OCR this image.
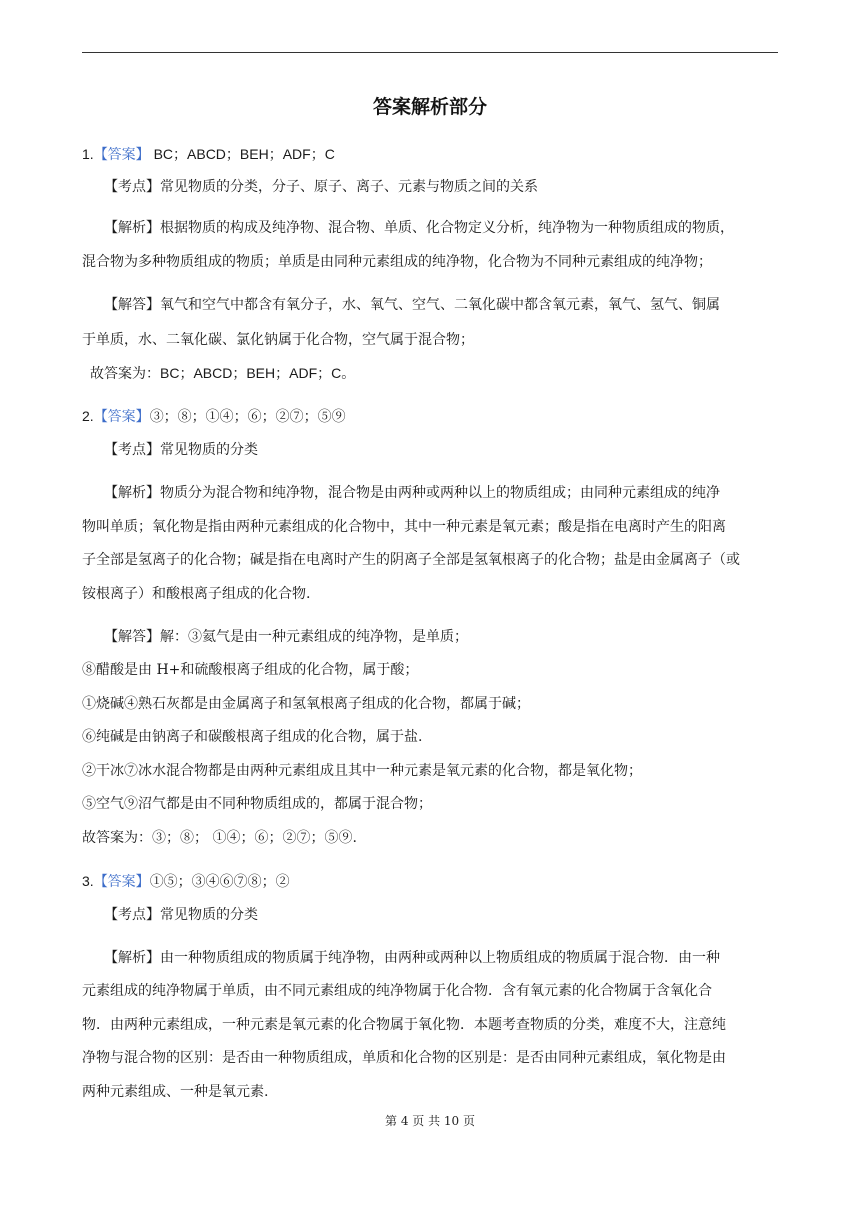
答案解析部分
1.【答案】 BC；ABCD；BEH；ADF；C
【考点】常见物质的分类，分子、原子、离子、元素与物质之间的关系
【解析】根据物质的构成及纯净物、混合物、单质、化合物定义分析，纯净物为一种物质组成的物质，
混合物为多种物质组成的物质；单质是由同种元素组成的纯净物，化合物为不同种元素组成的纯净物；
【解答】氧气和空气中都含有氧分子，水、氧气、空气、二氧化碳中都含氧元素，氧气、氢气、铜属
于单质，水、二氧化碳、氯化钠属于化合物，空气属于混合物；
故答案为：BC；ABCD；BEH；ADF；C。
2.【答案】③；⑧；①④；⑥；②⑦；⑤⑨
【考点】常见物质的分类
【解析】物质分为混合物和纯净物，混合物是由两种或两种以上的物质组成；由同种元素组成的纯净
物叫单质；氧化物是指由两种元素组成的化合物中，其中一种元素是氧元素；酸是指在电离时产生的阳离
子全部是氢离子的化合物；碱是指在电离时产生的阴离子全部是氢氧根离子的化合物；盐是由金属离子（或
铵根离子）和酸根离子组成的化合物.
【解答】解：③氦气是由一种元素组成的纯净物，是单质；
⑧醋酸是由 H+和硫酸根离子组成的化合物，属于酸；
①烧碱④熟石灰都是由金属离子和氢氧根离子组成的化合物，都属于碱；
⑥纯碱是由钠离子和碳酸根离子组成的化合物，属于盐.
②干冰⑦冰水混合物都是由两种元素组成且其中一种元素是氧元素的化合物，都是氧化物；
⑤空气⑨沼气都是由不同种物质组成的，都属于混合物；
故答案为：③；⑧； ①④；⑥；②⑦；⑤⑨.
3.【答案】①⑤；③④⑥⑦⑧；②
【考点】常见物质的分类
【解析】由一种物质组成的物质属于纯净物，由两种或两种以上物质组成的物质属于混合物．由一种
元素组成的纯净物属于单质，由不同元素组成的纯净物属于化合物．含有氧元素的化合物属于含氧化合
物．由两种元素组成，一种元素是氧元素的化合物属于氧化物．本题考查物质的分类，难度不大，注意纯
净物与混合物的区别：是否由一种物质组成，单质和化合物的区别是：是否由同种元素组成，氧化物是由
两种元素组成、一种是氧元素.
第 4 页 共 10 页
